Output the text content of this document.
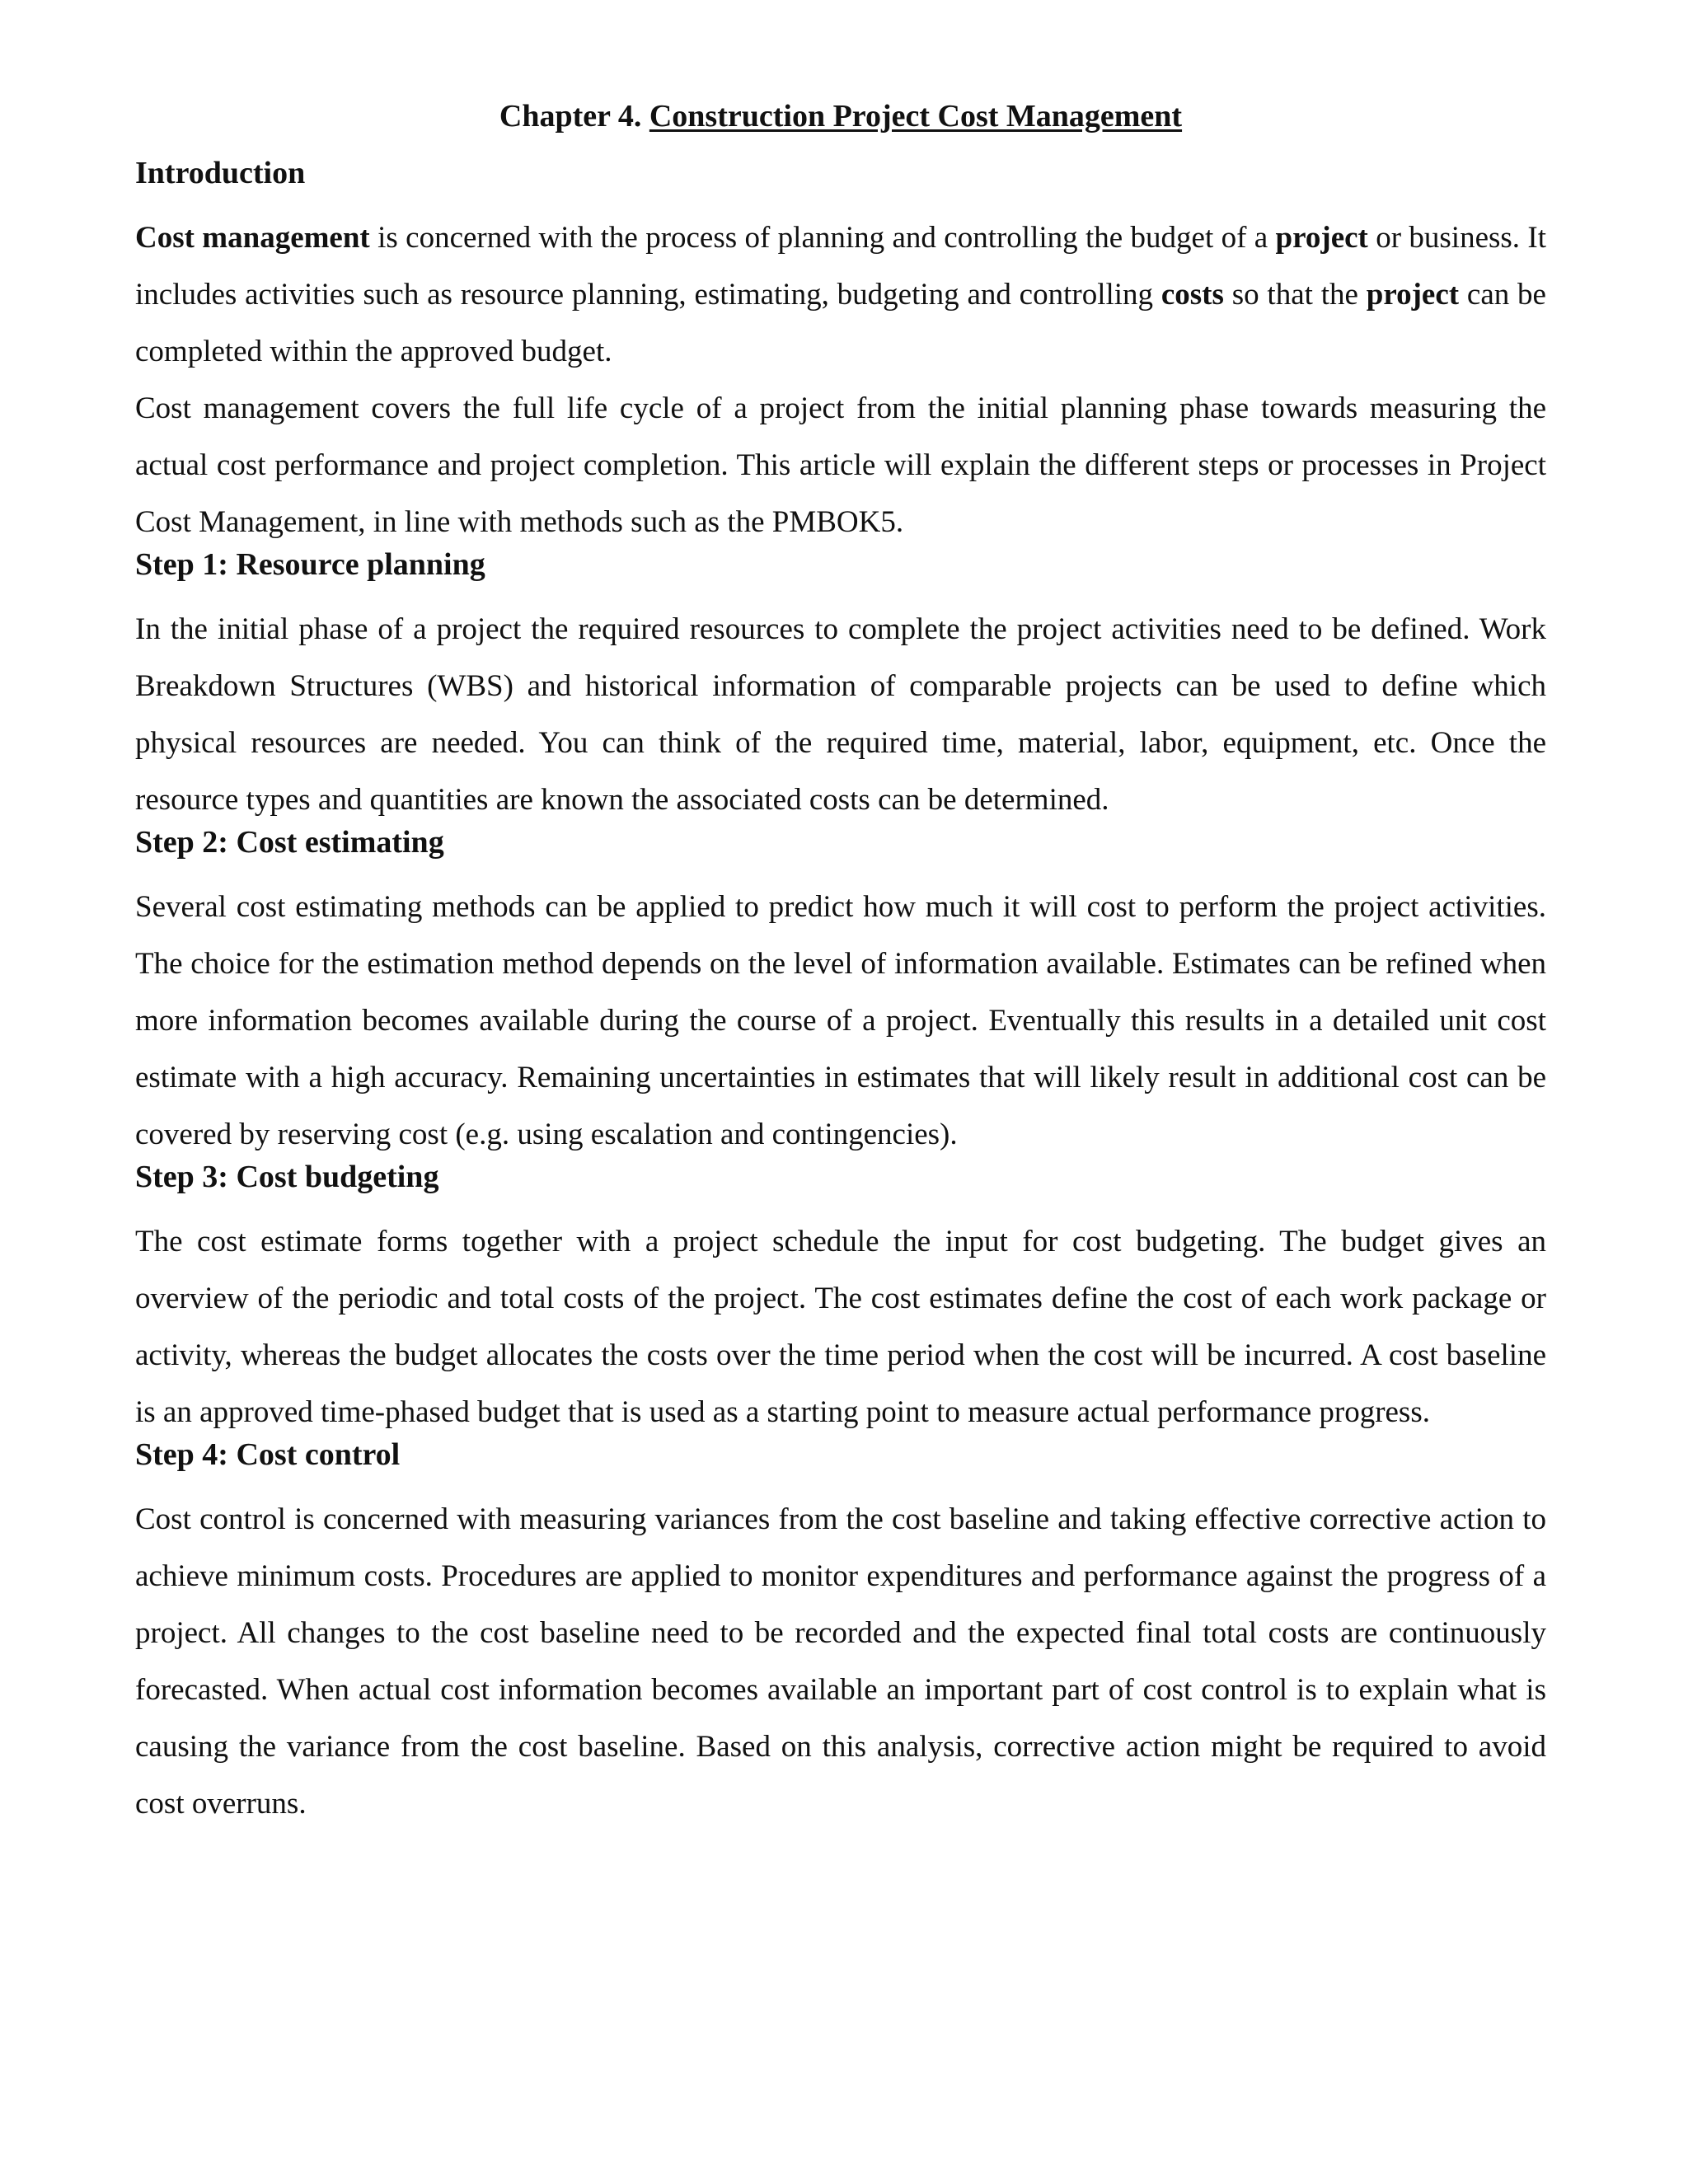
Chapter 4. Construction Project Cost Management
Introduction

Cost management is concerned with the process of planning and controlling the budget of a project or business. It includes activities such as resource planning, estimating, budgeting and controlling costs so that the project can be completed within the approved budget.

Cost management covers the full life cycle of a project from the initial planning phase towards measuring the actual cost performance and project completion. This article will explain the different steps or processes in Project Cost Management, in line with methods such as the PMBOK5.

Step 1: Resource planning

In the initial phase of a project the required resources to complete the project activities need to be defined. Work Breakdown Structures (WBS) and historical information of comparable projects can be used to define which physical resources are needed. You can think of the required time, material, labor, equipment, etc. Once the resource types and quantities are known the associated costs can be determined.

Step 2: Cost estimating

Several cost estimating methods can be applied to predict how much it will cost to perform the project activities. The choice for the estimation method depends on the level of information available. Estimates can be refined when more information becomes available during the course of a project. Eventually this results in a detailed unit cost estimate with a high accuracy. Remaining uncertainties in estimates that will likely result in additional cost can be covered by reserving cost (e.g. using escalation and contingencies).

Step 3: Cost budgeting

The cost estimate forms together with a project schedule the input for cost budgeting. The budget gives an overview of the periodic and total costs of the project. The cost estimates define the cost of each work package or activity, whereas the budget allocates the costs over the time period when the cost will be incurred. A cost baseline is an approved time-phased budget that is used as a starting point to measure actual performance progress.

Step 4: Cost control

Cost control is concerned with measuring variances from the cost baseline and taking effective corrective action to achieve minimum costs. Procedures are applied to monitor expenditures and performance against the progress of a project. All changes to the cost baseline need to be recorded and the expected final total costs are continuously forecasted. When actual cost information becomes available an important part of cost control is to explain what is causing the variance from the cost baseline. Based on this analysis, corrective action might be required to avoid cost overruns.
